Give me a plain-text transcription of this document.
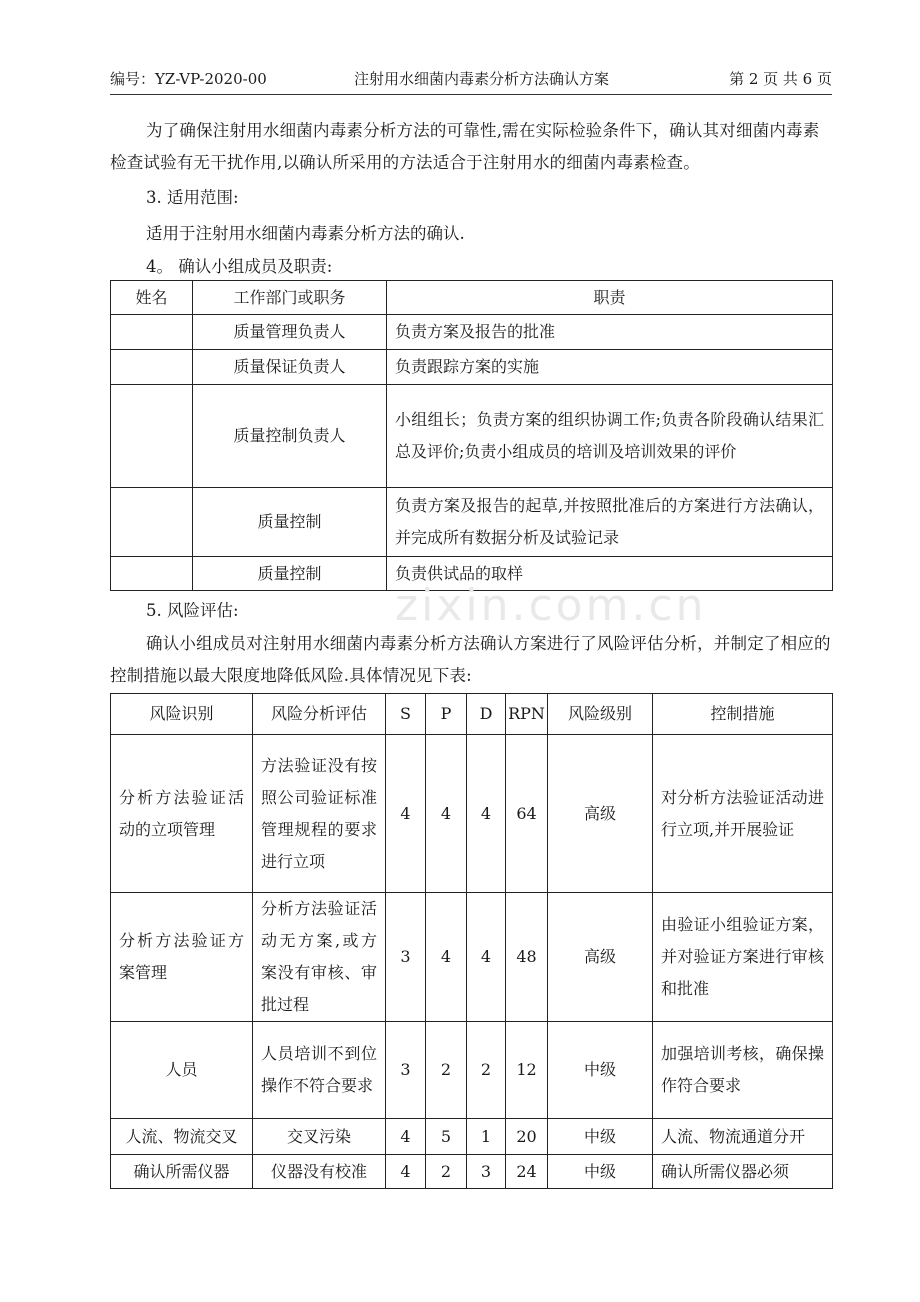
编号：YZ-VP-2020-00	注射用水细菌内毒素分析方法确认方案	第 2 页 共 6 页
为了确保注射用水细菌内毒素分析方法的可靠性,需在实际检验条件下，确认其对细菌内毒素检查试验有无干扰作用,以确认所采用的方法适合于注射用水的细菌内毒素检查。
3. 适用范围:
适用于注射用水细菌内毒素分析方法的确认.
4。 确认小组成员及职责:
姓名	工作部门或职务	职责
	质量管理负责人	负责方案及报告的批准
	质量保证负责人	负责跟踪方案的实施
	质量控制负责人	小组组长；负责方案的组织协调工作;负责各阶段确认结果汇总及评价;负责小组成员的培训及培训效果的评价
	质量控制	负责方案及报告的起草,并按照批准后的方案进行方法确认，并完成所有数据分析及试验记录
	质量控制	负责供试品的取样
zixin.com.cn
5. 风险评估:
确认小组成员对注射用水细菌内毒素分析方法确认方案进行了风险评估分析，并制定了相应的控制措施以最大限度地降低风险.具体情况见下表:
风险识别	风险分析评估	S	P	D	RPN	风险级别	控制措施
分析方法验证活动的立项管理	方法验证没有按照公司验证标准管理规程的要求进行立项	4	4	4	64	高级	对分析方法验证活动进行立项,并开展验证
分析方法验证方案管理	分析方法验证活动无方案,或方案没有审核、审批过程	3	4	4	48	高级	由验证小组验证方案，并对验证方案进行审核和批准
人员	人员培训不到位操作不符合要求	3	2	2	12	中级	加强培训考核，确保操作符合要求
人流、物流交叉	交叉污染	4	5	1	20	中级	人流、物流通道分开
确认所需仪器	仪器没有校准	4	2	3	24	中级	确认所需仪器必须
